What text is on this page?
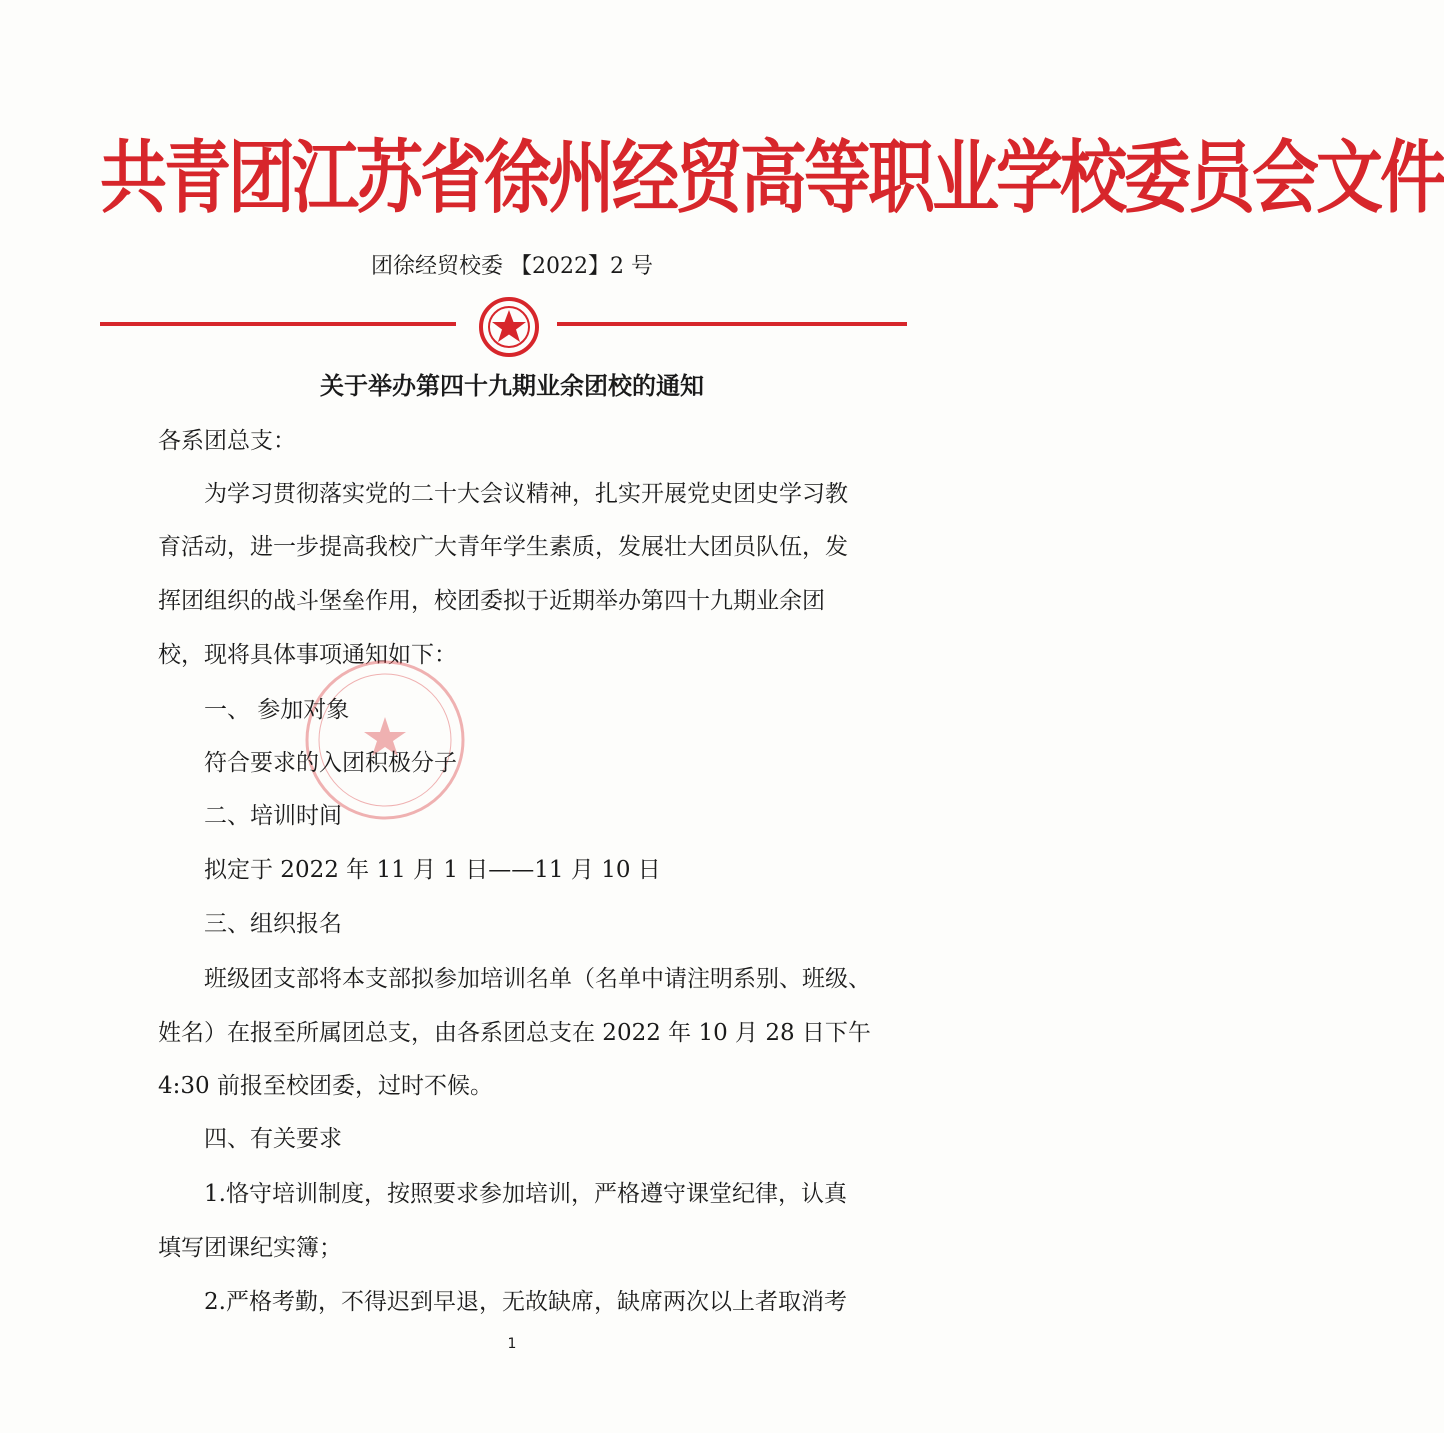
共青团江苏省徐州经贸高等职业学校委员会文件
团徐经贸校委 【2022】2 号
关于举办第四十九期业余团校的通知
各系团总支：
为学习贯彻落实党的二十大会议精神，扎实开展党史团史学习教
育活动，进一步提高我校广大青年学生素质，发展壮大团员队伍，发
挥团组织的战斗堡垒作用，校团委拟于近期举办第四十九期业余团
校，现将具体事项通知如下：
一、 参加对象
符合要求的入团积极分子
二、培训时间
拟定于 2022 年 11 月 1 日——11 月 10 日
三、组织报名
班级团支部将本支部拟参加培训名单（名单中请注明系别、班级、
姓名）在报至所属团总支，由各系团总支在 2022 年 10 月 28 日下午
4:30 前报至校团委，过时不候。
四、有关要求
1.恪守培训制度，按照要求参加培训，严格遵守课堂纪律，认真
填写团课纪实簿；
2.严格考勤，不得迟到早退，无故缺席，缺席两次以上者取消考
1
